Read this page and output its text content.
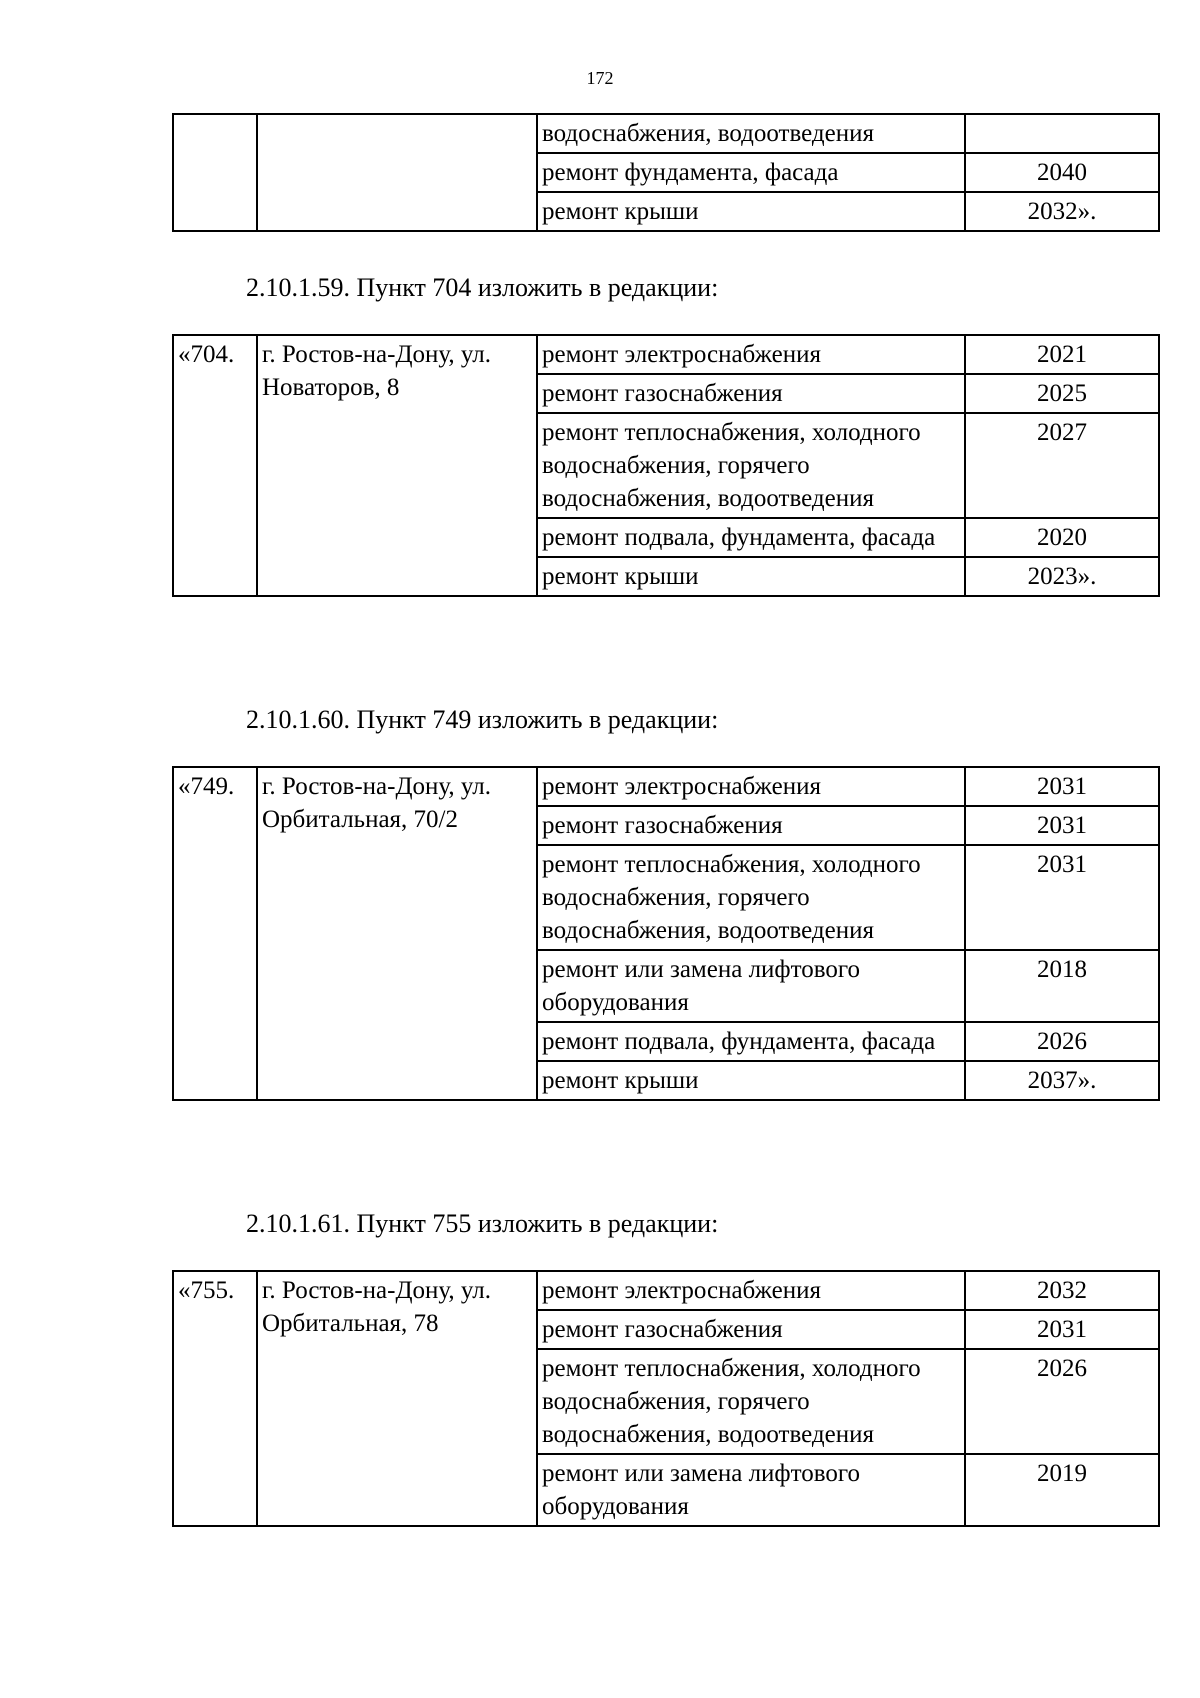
172
		водоснабжения, водоотведения	
		ремонт фундамента, фасада	2040
		ремонт крыши	2032».
2.10.1.59. Пункт 704 изложить в редакции:
«704.	г. Ростов-на-Дону, ул. Новаторов, 8	ремонт электроснабжения	2021
		ремонт газоснабжения	2025
		ремонт теплоснабжения, холодного водоснабжения, горячего водоснабжения, водоотведения	2027
		ремонт подвала, фундамента, фасада	2020
		ремонт крыши	2023».
2.10.1.60. Пункт 749 изложить в редакции:
«749.	г. Ростов-на-Дону, ул. Орбитальная, 70/2	ремонт электроснабжения	2031
		ремонт газоснабжения	2031
		ремонт теплоснабжения, холодного водоснабжения, горячего водоснабжения, водоотведения	2031
		ремонт или замена лифтового оборудования	2018
		ремонт подвала, фундамента, фасада	2026
		ремонт крыши	2037».
2.10.1.61. Пункт 755 изложить в редакции:
«755.	г. Ростов-на-Дону, ул. Орбитальная, 78	ремонт электроснабжения	2032
		ремонт газоснабжения	2031
		ремонт теплоснабжения, холодного водоснабжения, горячего водоснабжения, водоотведения	2026
		ремонт или замена лифтового оборудования	2019
